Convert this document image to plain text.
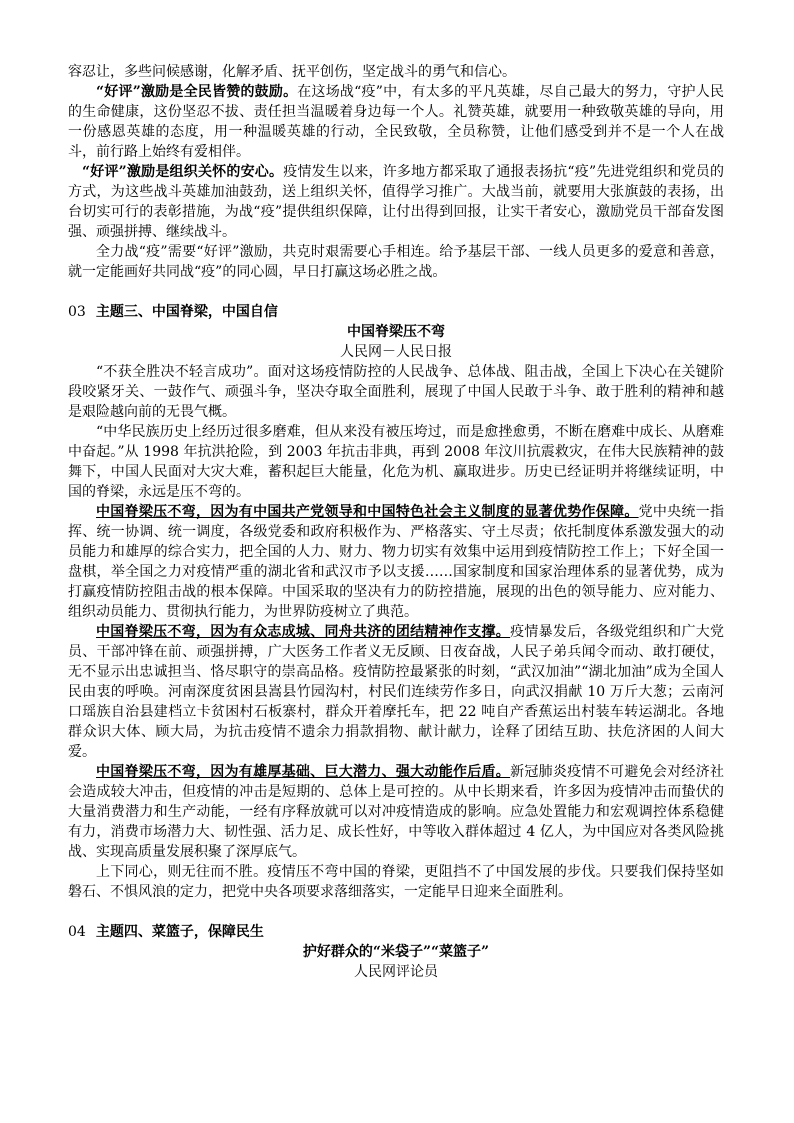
容忍让，多些问候感谢，化解矛盾、抚平创伤，坚定战斗的勇气和信心。

“好评”激励是全民皆赞的鼓励。在这场战“疫”中，有太多的平凡英雄，尽自己最大的努力，守护人民的生命健康，这份坚忍不拔、责任担当温暖着身边每一个人。礼赞英雄，就要用一种致敬英雄的导向，用一份感恩英雄的态度，用一种温暖英雄的行动，全民致敬，全员称赞，让他们感受到并不是一个人在战斗，前行路上始终有爱相伴。

“好评”激励是组织关怀的安心。疫情发生以来，许多地方都采取了通报表扬抗“疫”先进党组织和党员的方式，为这些战斗英雄加油鼓劲，送上组织关怀，值得学习推广。大战当前，就要用大张旗鼓的表扬，出台切实可行的表彰措施，为战“疫”提供组织保障，让付出得到回报，让实干者安心，激励党员干部奋发图强、顽强拼搏、继续战斗。

全力战“疫”需要“好评”激励，共克时艰需要心手相连。给予基层干部、一线人员更多的爱意和善意，就一定能画好共同战“疫”的同心圆，早日打赢这场必胜之战。

03 主题三、中国脊梁，中国自信

中国脊梁压不弯

人民网－人民日报

“不获全胜决不轻言成功”。面对这场疫情防控的人民战争、总体战、阻击战，全国上下决心在关键阶段咬紧牙关、一鼓作气、顽强斗争，坚决夺取全面胜利，展现了中国人民敢于斗争、敢于胜利的精神和越是艰险越向前的无畏气概。

“中华民族历史上经历过很多磨难，但从来没有被压垮过，而是愈挫愈勇，不断在磨难中成长、从磨难中奋起。”从 1998 年抗洪抢险，到 2003 年抗击非典，再到 2008 年汶川抗震救灾，在伟大民族精神的鼓舞下，中国人民面对大灾大难，蓄积起巨大能量，化危为机、赢取进步。历史已经证明并将继续证明，中国的脊梁，永远是压不弯的。

中国脊梁压不弯，因为有中国共产党领导和中国特色社会主义制度的显著优势作保障。党中央统一指挥、统一协调、统一调度，各级党委和政府积极作为、严格落实、守土尽责；依托制度体系激发强大的动员能力和雄厚的综合实力，把全国的人力、财力、物力切实有效集中运用到疫情防控工作上；下好全国一盘棋，举全国之力对疫情严重的湖北省和武汉市予以支援……国家制度和国家治理体系的显著优势，成为打赢疫情防控阻击战的根本保障。中国采取的坚决有力的防控措施，展现的出色的领导能力、应对能力、组织动员能力、贯彻执行能力，为世界防疫树立了典范。

中国脊梁压不弯，因为有众志成城、同舟共济的团结精神作支撑。疫情暴发后，各级党组织和广大党员、干部冲锋在前、顽强拼搏，广大医务工作者义无反顾、日夜奋战，人民子弟兵闻令而动、敢打硬仗，无不显示出忠诚担当、恪尽职守的崇高品格。疫情防控最紧张的时刻，“武汉加油”“湖北加油”成为全国人民由衷的呼唤。河南深度贫困县嵩县竹园沟村，村民们连续劳作多日，向武汉捐献 10 万斤大葱；云南河口瑶族自治县建档立卡贫困村石板寨村，群众开着摩托车，把 22 吨自产香蕉运出村装车转运湖北。各地群众识大体、顾大局，为抗击疫情不遗余力捐款捐物、献计献力，诠释了团结互助、扶危济困的人间大爱。

中国脊梁压不弯，因为有雄厚基础、巨大潜力、强大动能作后盾。新冠肺炎疫情不可避免会对经济社会造成较大冲击，但疫情的冲击是短期的、总体上是可控的。从中长期来看，许多因为疫情冲击而蛰伏的大量消费潜力和生产动能，一经有序释放就可以对冲疫情造成的影响。应急处置能力和宏观调控体系稳健有力，消费市场潜力大、韧性强、活力足、成长性好，中等收入群体超过 4 亿人，为中国应对各类风险挑战、实现高质量发展积聚了深厚底气。

上下同心，则无往而不胜。疫情压不弯中国的脊梁，更阻挡不了中国发展的步伐。只要我们保持坚如磐石、不惧风浪的定力，把党中央各项要求落细落实，一定能早日迎来全面胜利。

04 主题四、菜篮子，保障民生

护好群众的“米袋子”“菜篮子”

人民网评论员
